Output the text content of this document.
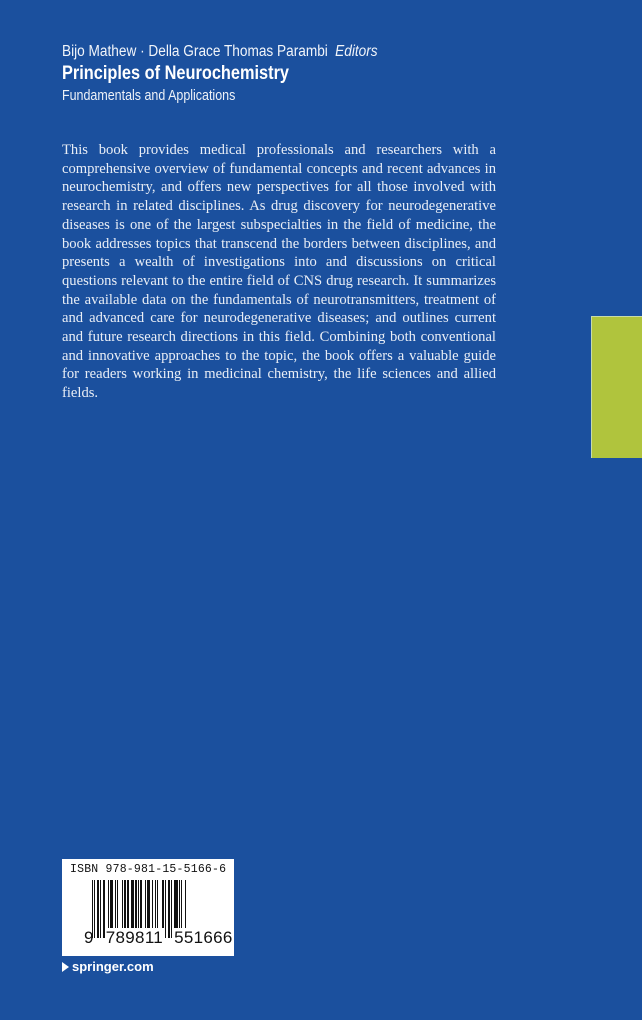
Bijo Mathew · Della Grace Thomas Parambi Editors
Principles of Neurochemistry
Fundamentals and Applications

This book provides medical professionals and researchers with a comprehensive overview of fundamental concepts and recent advances in neurochemistry, and offers new perspectives for all those involved with research in related disciplines. As drug discovery for neurodegenerative diseases is one of the largest subspecialties in the field of medicine, the book addresses topics that transcend the borders between disciplines, and presents a wealth of investigations into and discussions on critical questions relevant to the entire field of CNS drug research. It summarizes the available data on the fundamentals of neurotransmitters, treatment of and advanced care for neurodegenerative diseases; and outlines current and future research directions in this field. Combining both conventional and innovative approaches to the topic, the book offers a valuable guide for readers working in medicinal chemistry, the life sciences and allied fields.

ISBN 978-981-15-5166-6
9 789811 551666
springer.com
